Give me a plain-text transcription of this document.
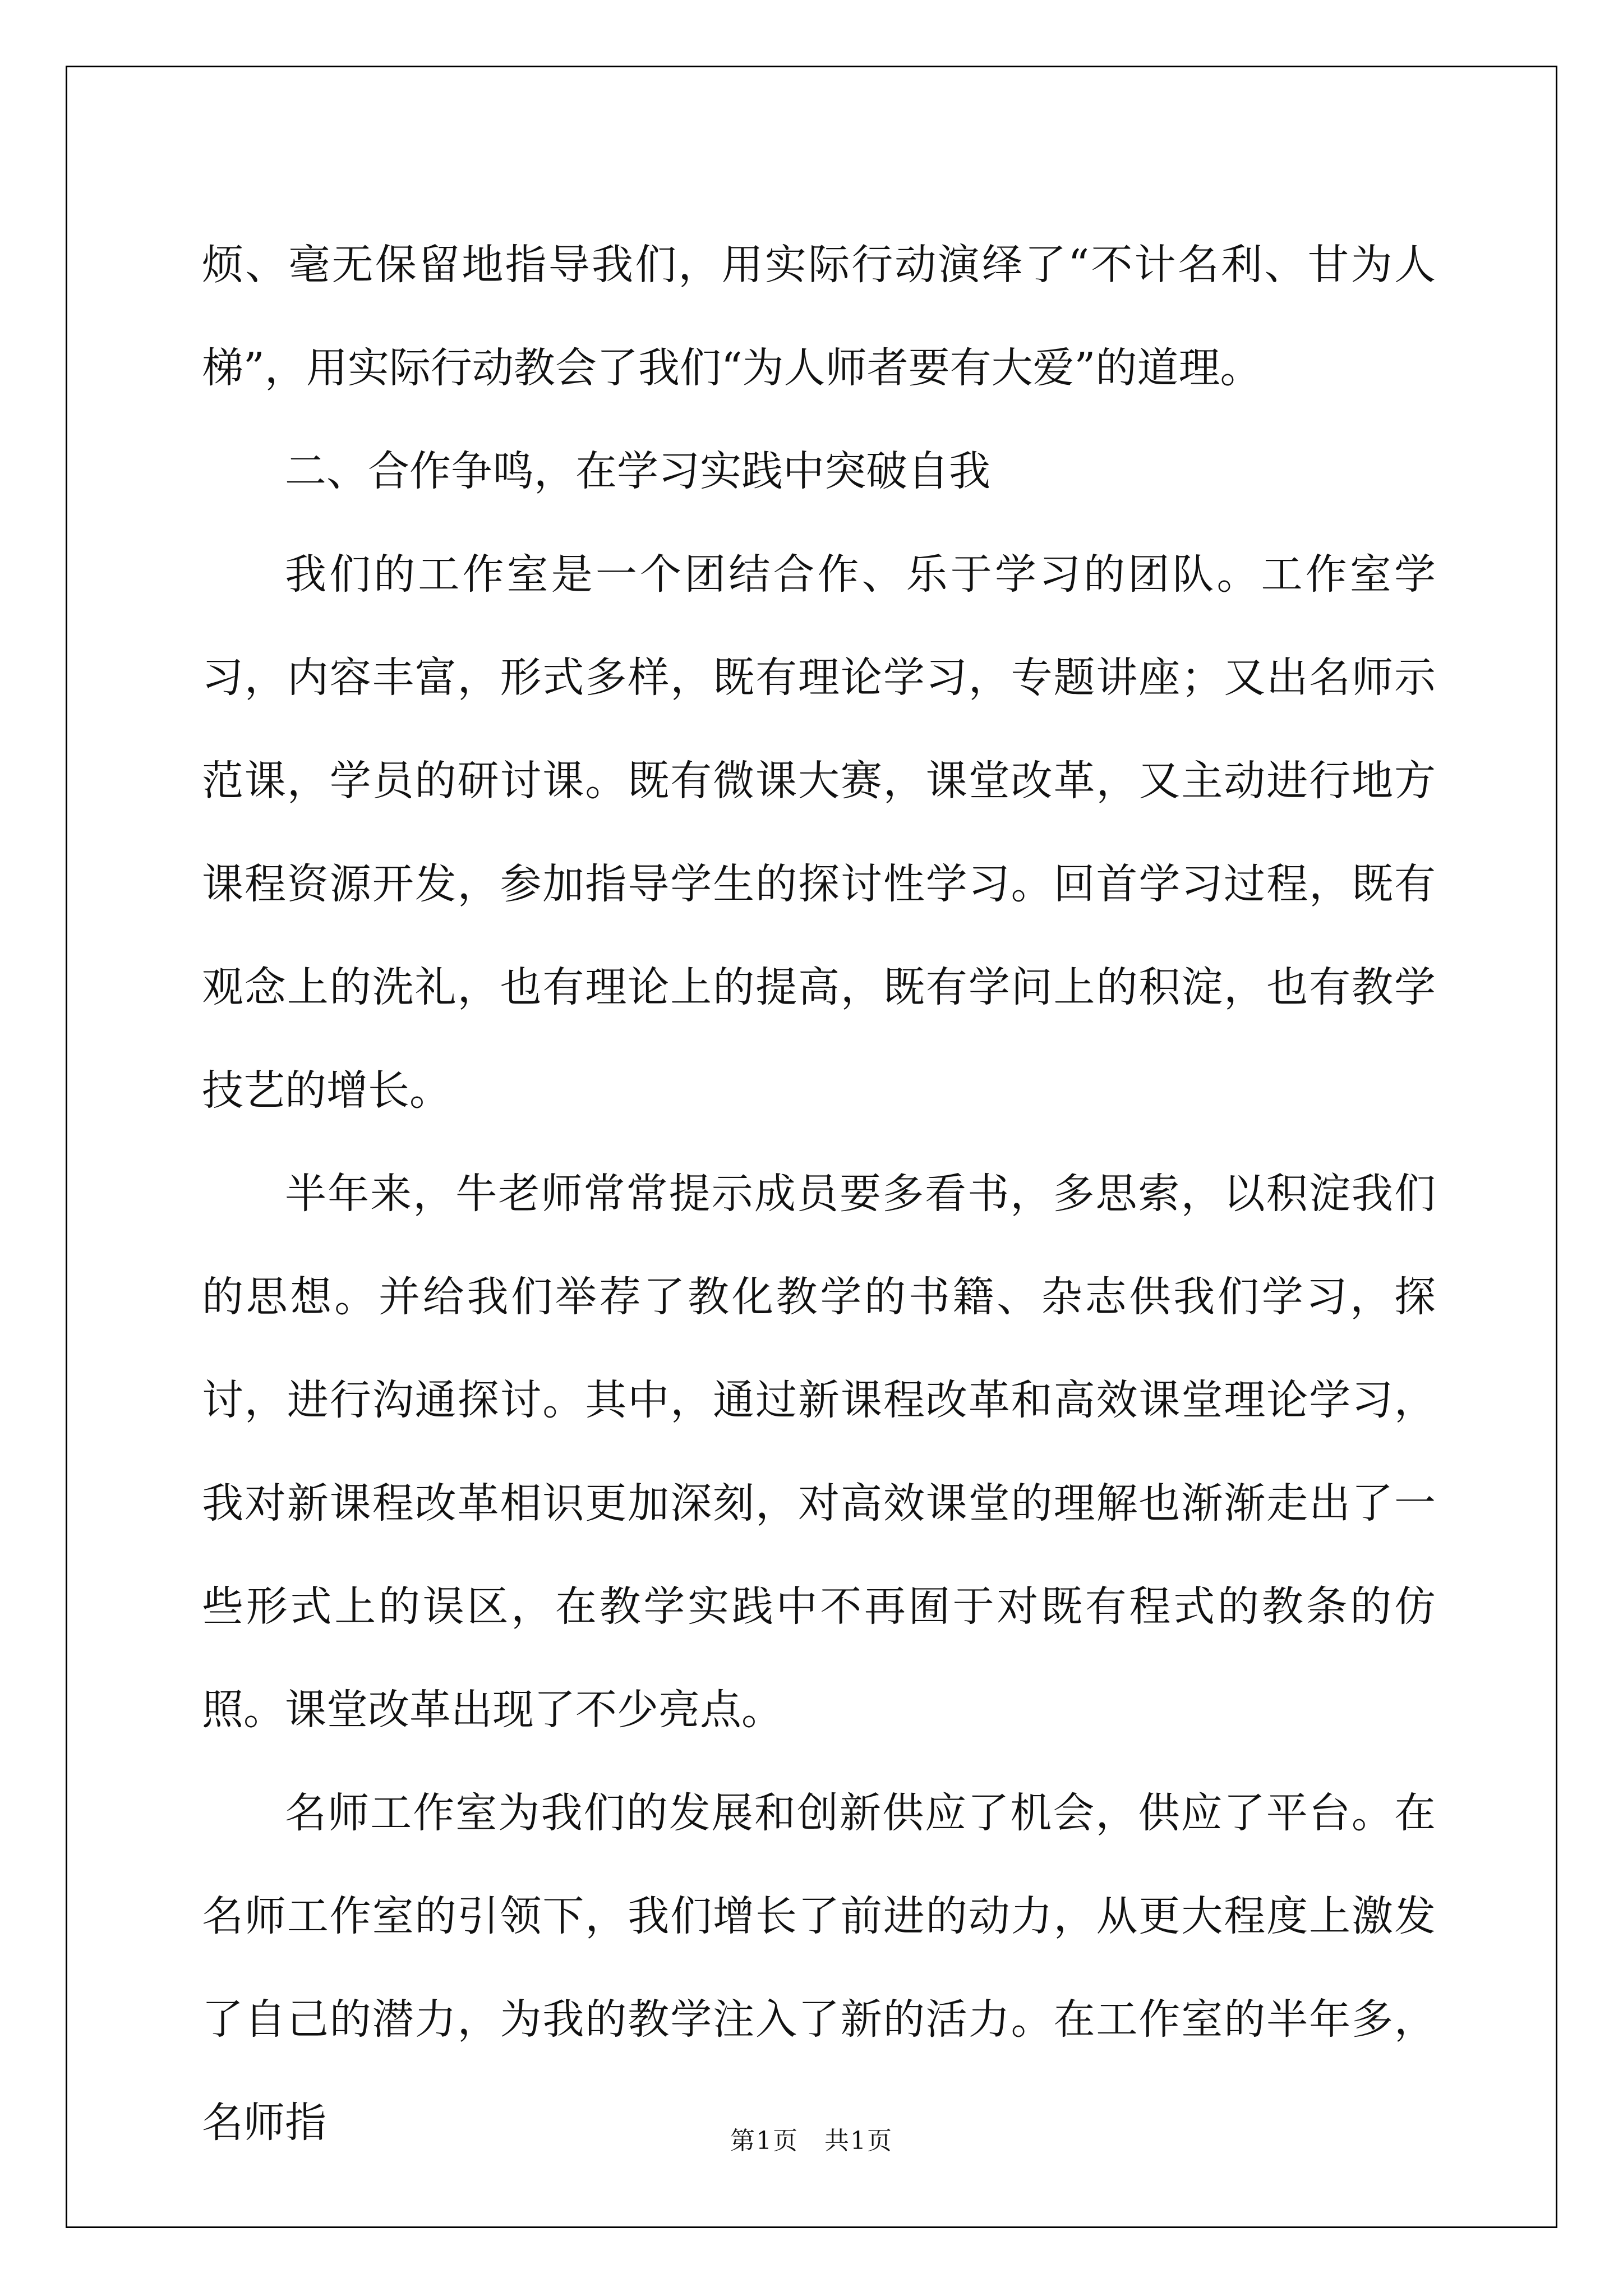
烦、毫无保留地指导我们，用实际行动演绎了“不计名利、甘为人梯”，用实际行动教会了我们“为人师者要有大爱”的道理。

二、合作争鸣，在学习实践中突破自我

我们的工作室是一个团结合作、乐于学习的团队。工作室学习，内容丰富，形式多样，既有理论学习，专题讲座；又出名师示范课，学员的研讨课。既有微课大赛，课堂改革，又主动进行地方课程资源开发，参加指导学生的探讨性学习。回首学习过程，既有观念上的洗礼，也有理论上的提高，既有学问上的积淀，也有教学技艺的增长。

半年来，牛老师常常提示成员要多看书，多思索，以积淀我们的思想。并给我们举荐了教化教学的书籍、杂志供我们学习，探讨，进行沟通探讨。其中，通过新课程改革和高效课堂理论学习，我对新课程改革相识更加深刻，对高效课堂的理解也渐渐走出了一些形式上的误区，在教学实践中不再囿于对既有程式的教条的仿照。课堂改革出现了不少亮点。

名师工作室为我们的发展和创新供应了机会，供应了平台。在名师工作室的引领下，我们增长了前进的动力，从更大程度上激发了自己的潜力，为我的教学注入了新的活力。在工作室的半年多，名师指	第1页　共1页
